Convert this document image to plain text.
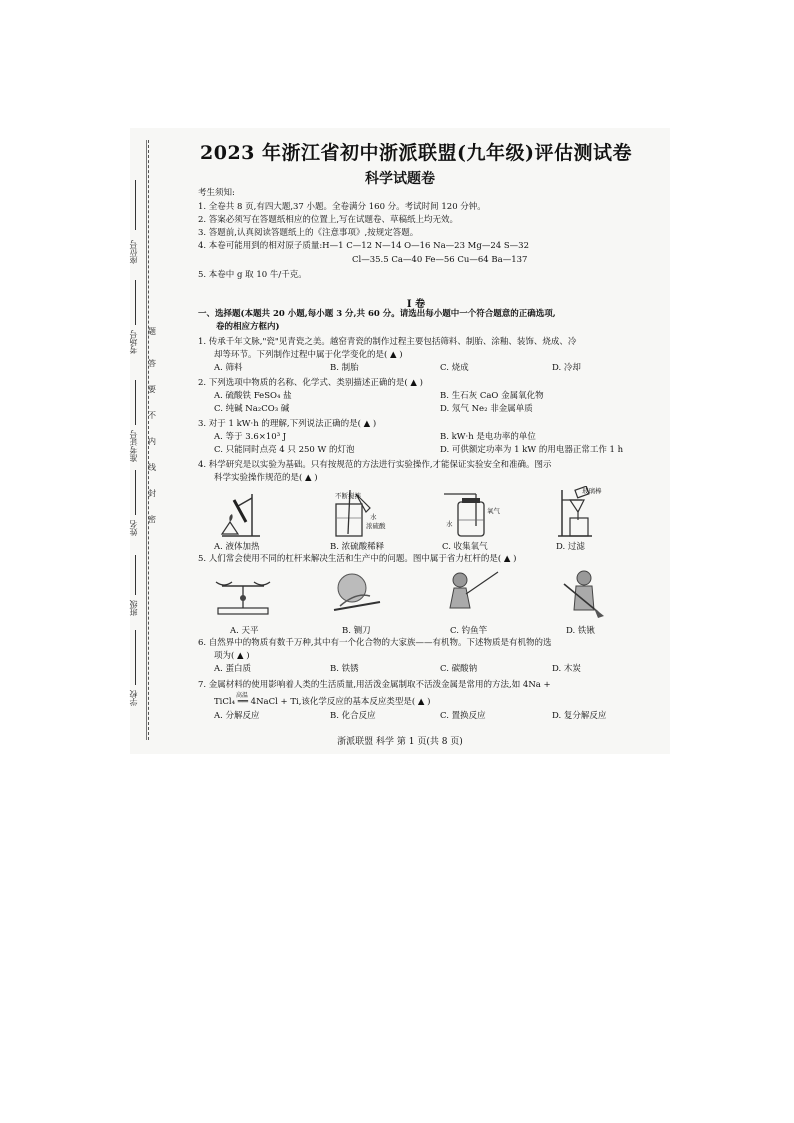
座位号
考场号
准考证号
姓名
班级
学校
题
答
要
不
内
线
封
密
2023 年浙江省初中浙派联盟(九年级)评估测试卷
科学试题卷
考生须知:
1. 全卷共 8 页,有四大题,37 小题。全卷满分 160 分。考试时间 120 分钟。
2. 答案必须写在答题纸相应的位置上,写在试题卷、草稿纸上均无效。
3. 答题前,认真阅读答题纸上的《注意事项》,按规定答题。
4. 本卷可能用到的相对原子质量:H—1 C—12 N—14 O—16 Na—23 Mg—24 S—32
Cl—35.5 Ca—40 Fe—56 Cu—64 Ba—137
5. 本卷中 g 取 10 牛/千克。
I 卷
一、选择题(本题共 20 小题,每小题 3 分,共 60 分。请选出每小题中一个符合题意的正确选项,
卷的相应方框内)
1. 传承千年文脉,"瓷"见青瓷之美。越窑青瓷的制作过程主要包括筛料、制胎、涂釉、装饰、烧成、冷
却等环节。下列制作过程中属于化学变化的是( ▲ )
A. 筛料	B. 制胎	C. 烧成	D. 冷却
2. 下列选项中物质的名称、化学式、类别描述正确的是( ▲ )
A. 硫酸铁 FeSO₄ 盐	B. 生石灰 CaO 金属氧化物
C. 纯碱 Na₂CO₃ 碱	D. 氖气 Ne₂ 非金属单质
3. 对于 1 kW·h 的理解,下列说法正确的是( ▲ )
A. 等于 3.6×10³ J	B. kW·h 是电功率的单位
C. 只能同时点亮 4 只 250 W 的灯泡	D. 可供额定功率为 1 kW 的用电器正常工作 1 h
4. 科学研究是以实验为基础。只有按规范的方法进行实验操作,才能保证实验安全和准确。图示
科学实验操作规范的是( ▲ )
不断搅拌
水
浓硫酸
氧气
水
玻璃棒
A. 液体加热	B. 浓硫酸稀释	C. 收集氧气	D. 过滤
5. 人们常会使用不同的杠杆来解决生活和生产中的问题。图中属于省力杠杆的是( ▲ )
A. 天平	B. 铡刀	C. 钓鱼竿	D. 铁锹
6. 自然界中的物质有数千万种,其中有一个化合物的大家族——有机物。下述物质是有机物的选
项为( ▲ )
A. 蛋白质	B. 铁锈	C. 碳酸钠	D. 木炭
7. 金属材料的使用影响着人类的生活质量,用活泼金属制取不活泼金属是常用的方法,如 4Na +
高温
TiCl₄ ══ 4NaCl + Ti,该化学反应的基本反应类型是( ▲ )
A. 分解反应	B. 化合反应	C. 置换反应	D. 复分解反应
浙派联盟 科学 第 1 页(共 8 页)
